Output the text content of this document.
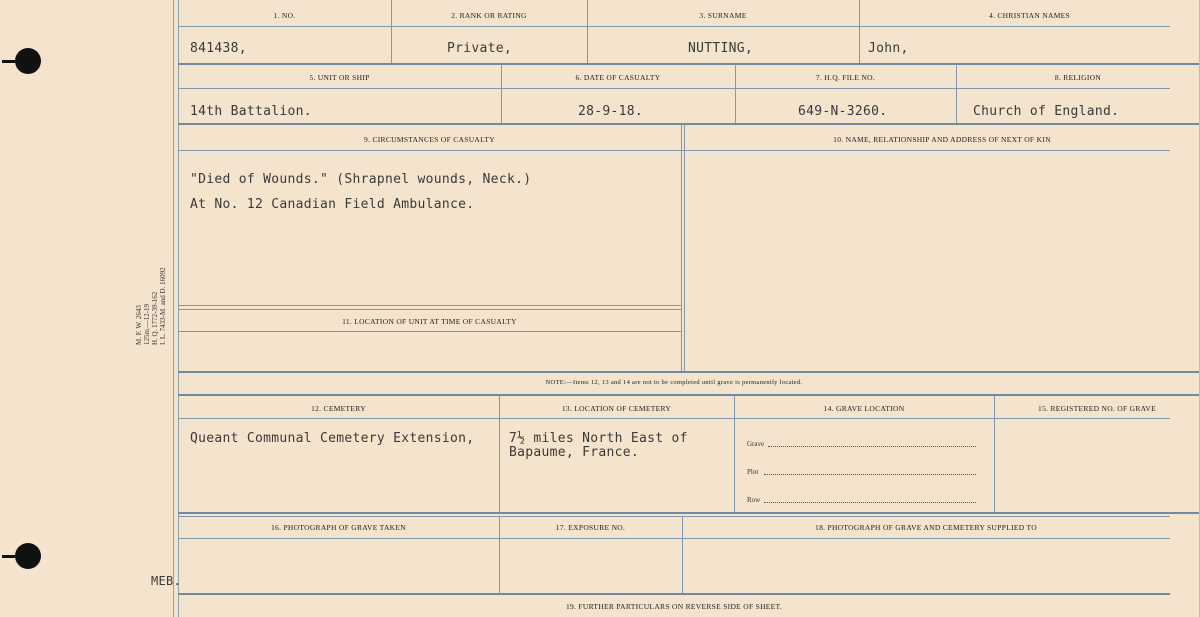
M. F. W. 2643 125m.—12-19 H. Q. 1772-39-162 I. L. 7433-M. and D. 16092
1. NO.	2. RANK OR RATING	3. SURNAME	4. CHRISTIAN NAMES
841438,	Private,	NUTTING,	John,
5. UNIT OR SHIP	6. DATE OF CASUALTY	7. H.Q. FILE NO.	8. RELIGION
14th Battalion.	28-9-18.	649-N-3260.	Church of England.
9. CIRCUMSTANCES OF CASUALTY	10. NAME, RELATIONSHIP AND ADDRESS OF NEXT OF KIN
"Died of Wounds." (Shrapnel wounds, Neck.)
At No. 12 Canadian Field Ambulance.
11. LOCATION OF UNIT AT TIME OF CASUALTY
NOTE:—Items 12, 13 and 14 are not to be completed until grave is permanently located.
12. CEMETERY	13. LOCATION OF CEMETERY	14. GRAVE LOCATION	15. REGISTERED NO. OF GRAVE
Queant Communal Cemetery Extension,	7½ miles North East of
Bapaume, France.
Grave
Plot
Row
16. PHOTOGRAPH OF GRAVE TAKEN	17. EXPOSURE NO.	18. PHOTOGRAPH OF GRAVE AND CEMETERY SUPPLIED TO
MEB.
19. FURTHER PARTICULARS ON REVERSE SIDE OF SHEET.
